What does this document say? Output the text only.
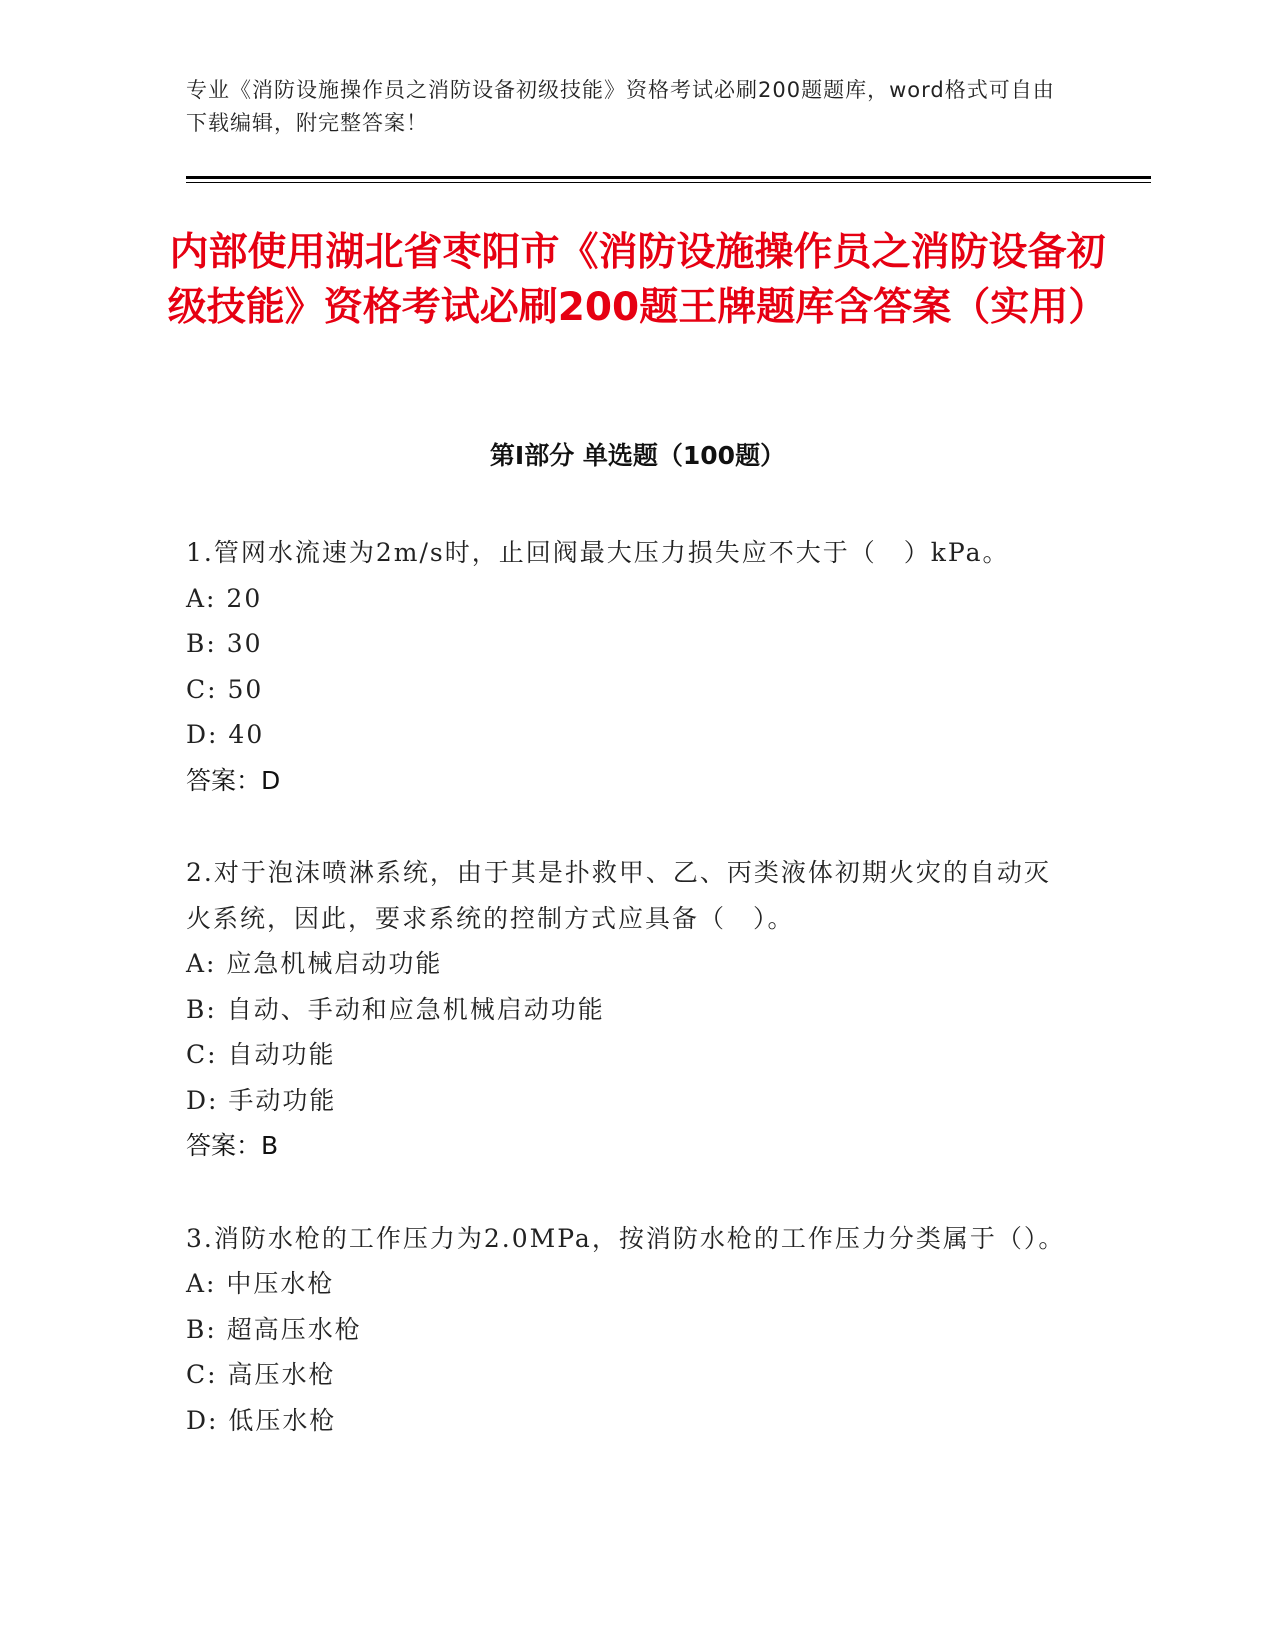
专业《消防设施操作员之消防设备初级技能》资格考试必刷200题题库，word格式可自由下载编辑，附完整答案！
内部使用湖北省枣阳市《消防设施操作员之消防设备初级技能》资格考试必刷200题王牌题库含答案（实用）
第Ⅰ部分 单选题（100题）
1.管网水流速为2m/s时，止回阀最大压力损失应不大于（　）kPa。
A: 20
B: 30
C: 50
D: 40
答案：D
2.对于泡沫喷淋系统，由于其是扑救甲、乙、丙类液体初期火灾的自动灭火系统，因此，要求系统的控制方式应具备（　）。
A: 应急机械启动功能
B: 自动、手动和应急机械启动功能
C: 自动功能
D: 手动功能
答案：B
3.消防水枪的工作压力为2.0MPa，按消防水枪的工作压力分类属于（）。
A: 中压水枪
B: 超高压水枪
C: 高压水枪
D: 低压水枪
